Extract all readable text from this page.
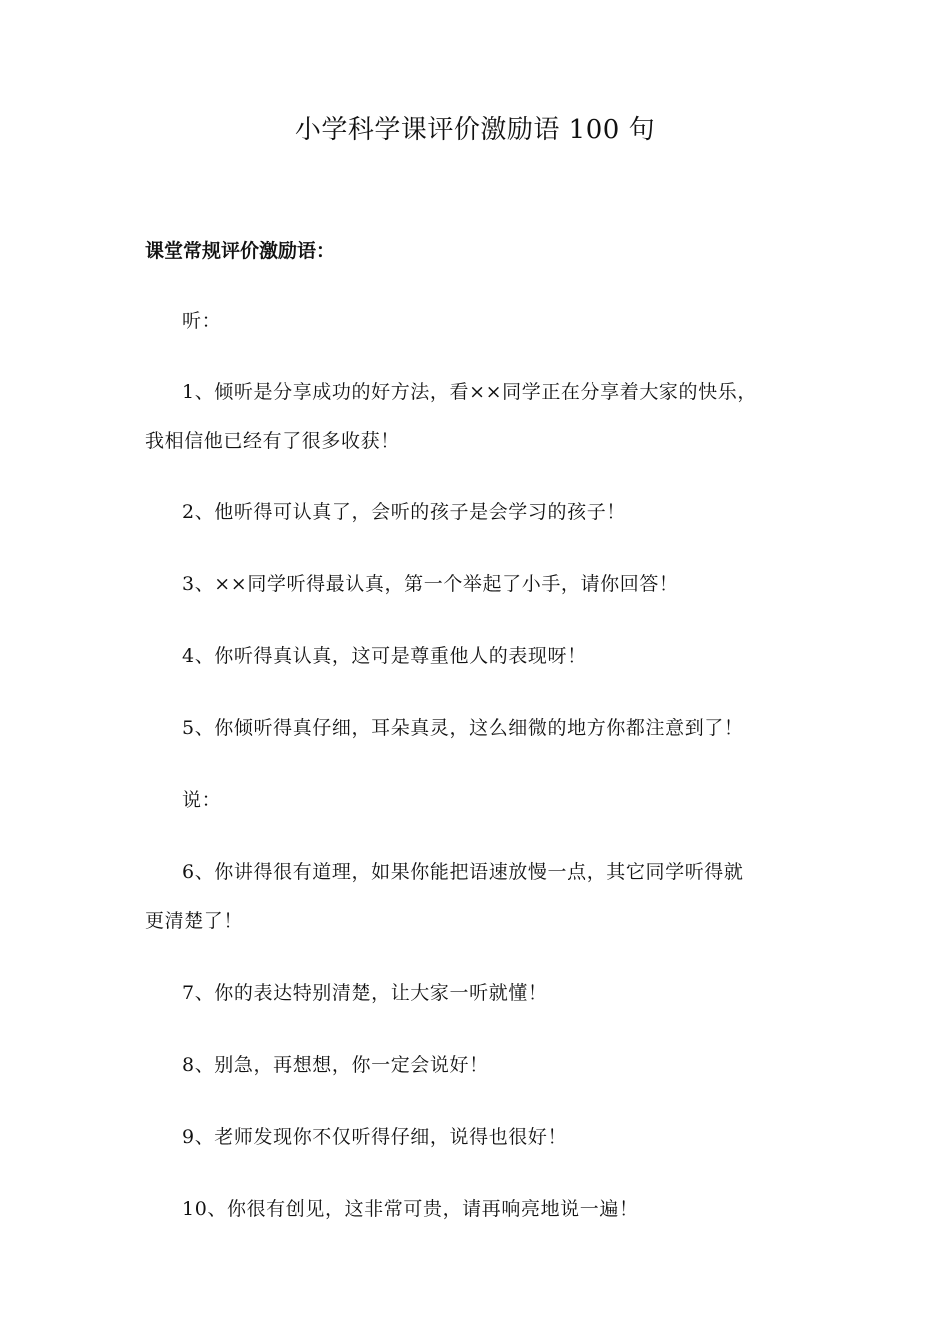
小学科学课评价激励语 100 句
课堂常规评价激励语：
听：
1、倾听是分享成功的好方法，看××同学正在分享着大家的快乐，
我相信他已经有了很多收获！
2、他听得可认真了，会听的孩子是会学习的孩子！
3、××同学听得最认真，第一个举起了小手，请你回答！
4、你听得真认真，这可是尊重他人的表现呀！
5、你倾听得真仔细，耳朵真灵，这么细微的地方你都注意到了！
说：
6、你讲得很有道理，如果你能把语速放慢一点，其它同学听得就
更清楚了！
7、你的表达特别清楚，让大家一听就懂！
8、别急，再想想，你一定会说好！
9、老师发现你不仅听得仔细，说得也很好！
10、你很有创见，这非常可贵，请再响亮地说一遍！
